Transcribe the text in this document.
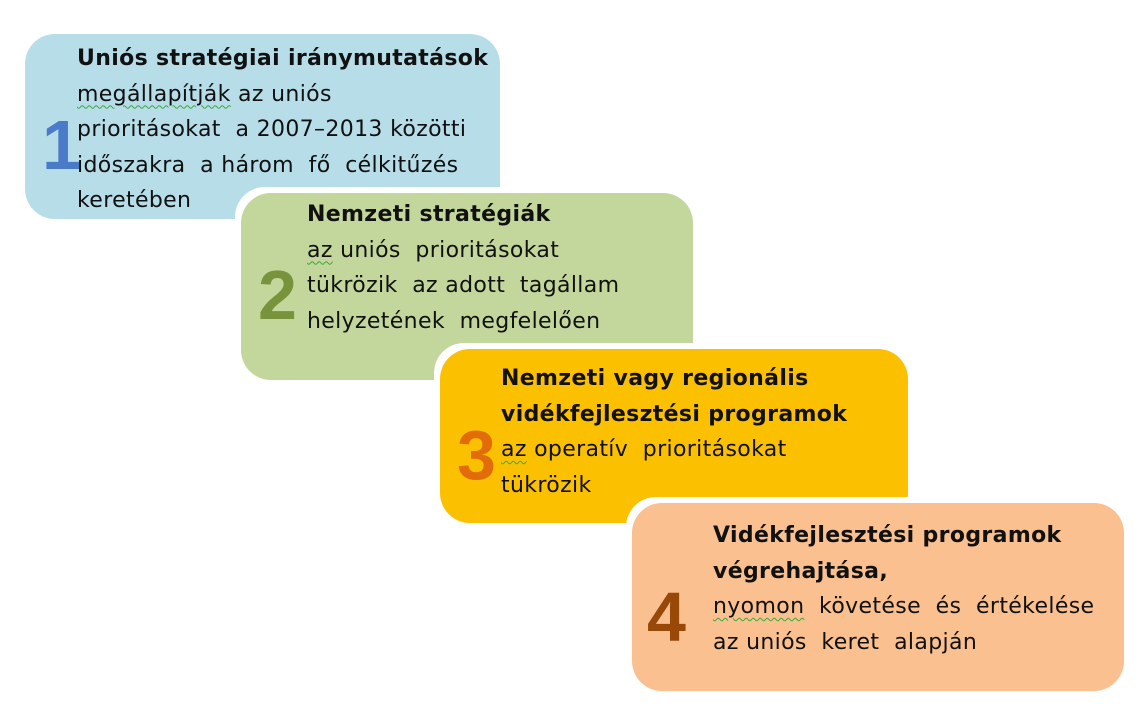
1
Uniós stratégiai iránymutatások
megállapítják az uniós
prioritásokat  a 2007–2013 közötti
időszakra  a három  fő  célkitűzés
keretében
2
Nemzeti stratégiák
az uniós  prioritásokat
tükrözik  az adott  tagállam
helyzetének  megfelelően
3
Nemzeti vagy regionális
vidékfejlesztési programok
az operatív  prioritásokat
tükrözik
4
Vidékfejlesztési programok
végrehajtása,
nyomon  követése  és  értékelése
az uniós  keret  alapján
